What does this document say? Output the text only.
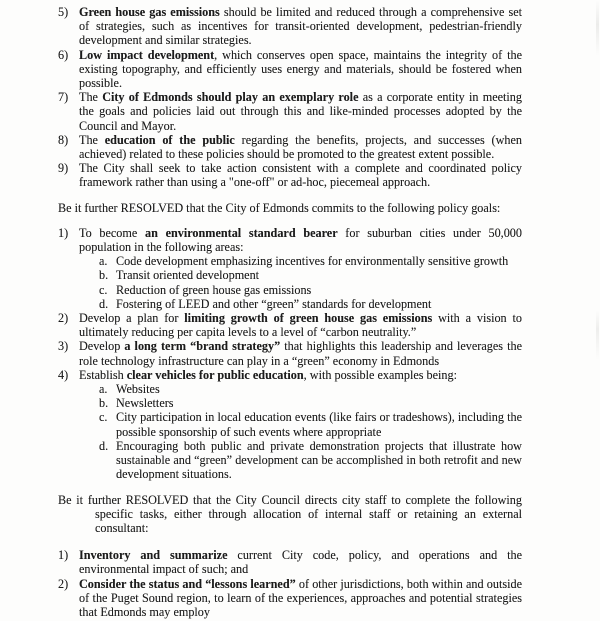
5) Green house gas emissions should be limited and reduced through a comprehensive set of strategies, such as incentives for transit-oriented development, pedestrian-friendly development and similar strategies.
6) Low impact development, which conserves open space, maintains the integrity of the existing topography, and efficiently uses energy and materials, should be fostered when possible.
7) The City of Edmonds should play an exemplary role as a corporate entity in meeting the goals and policies laid out through this and like-minded processes adopted by the Council and Mayor.
8) The education of the public regarding the benefits, projects, and successes (when achieved) related to these policies should be promoted to the greatest extent possible.
9) The City shall seek to take action consistent with a complete and coordinated policy framework rather than using a "one-off" or ad-hoc, piecemeal approach.

Be it further RESOLVED that the City of Edmonds commits to the following policy goals:

1) To become an environmental standard bearer for suburban cities under 50,000 population in the following areas:
a. Code development emphasizing incentives for environmentally sensitive growth
b. Transit oriented development
c. Reduction of green house gas emissions
d. Fostering of LEED and other “green” standards for development
2) Develop a plan for limiting growth of green house gas emissions with a vision to ultimately reducing per capita levels to a level of “carbon neutrality.”
3) Develop a long term “brand strategy” that highlights this leadership and leverages the role technology infrastructure can play in a “green” economy in Edmonds
4) Establish clear vehicles for public education, with possible examples being:
a. Websites
b. Newsletters
c. City participation in local education events (like fairs or tradeshows), including the possible sponsorship of such events where appropriate
d. Encouraging both public and private demonstration projects that illustrate how sustainable and “green” development can be accomplished in both retrofit and new development situations.

Be it further RESOLVED that the City Council directs city staff to complete the following specific tasks, either through allocation of internal staff or retaining an external consultant:

1) Inventory and summarize current City code, policy, and operations and the environmental impact of such; and
2) Consider the status and “lessons learned” of other jurisdictions, both within and outside of the Puget Sound region, to learn of the experiences, approaches and potential strategies that Edmonds may employ
